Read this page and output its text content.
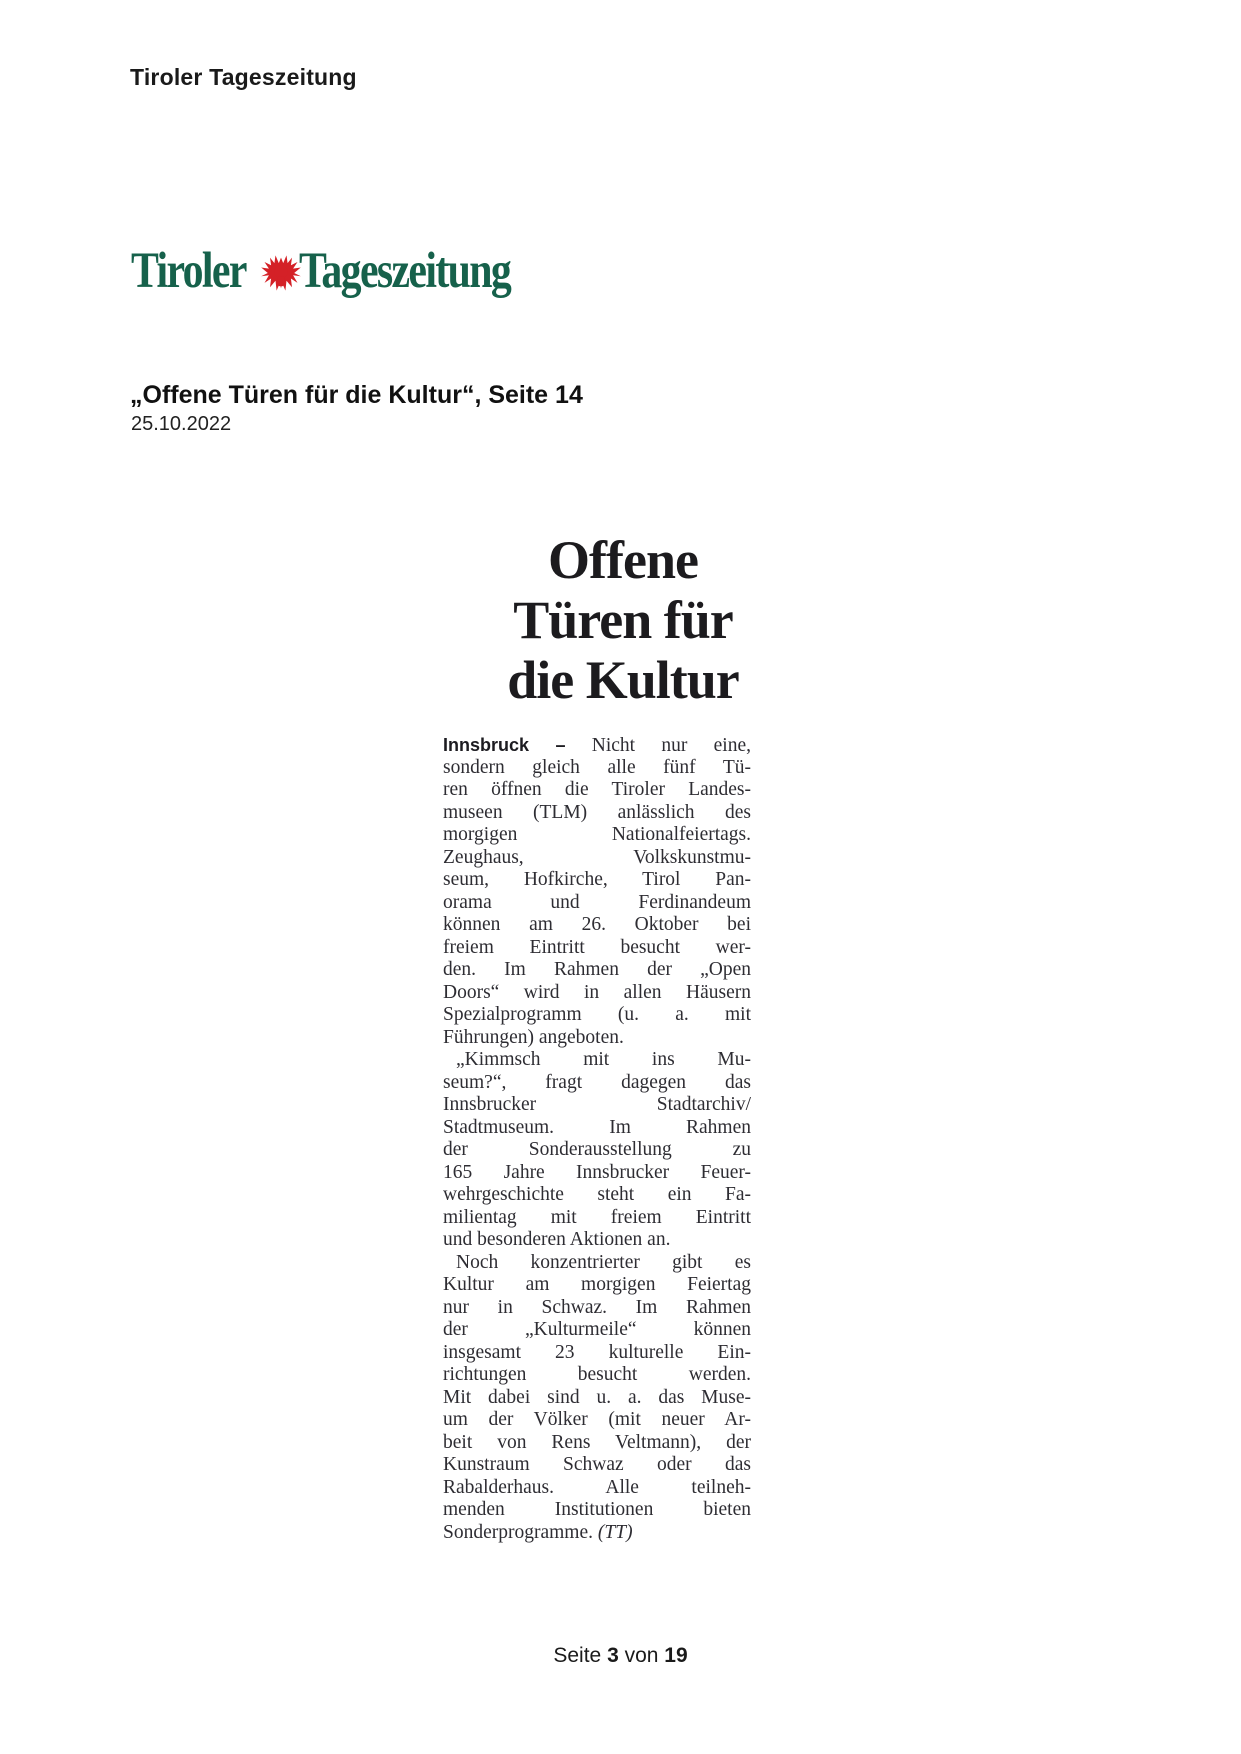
Tiroler Tageszeitung
Tiroler Tageszeitung
„Offene Türen für die Kultur“, Seite 14
25.10.2022
Offene
Türen für
die Kultur
Innsbruck – Nicht nur eine,
sondern gleich alle fünf Tü-
ren öffnen die Tiroler Landes-
museen (TLM) anlässlich des
morgigen Nationalfeiertags.
Zeughaus, Volkskunstmu-
seum, Hofkirche, Tirol Pan-
orama und Ferdinandeum
können am 26. Oktober bei
freiem Eintritt besucht wer-
den. Im Rahmen der „Open
Doors“ wird in allen Häusern
Spezialprogramm (u. a. mit
Führungen) angeboten.
„Kimmsch mit ins Mu-
seum?“, fragt dagegen das
Innsbrucker Stadtarchiv/
Stadtmuseum. Im Rahmen
der Sonderausstellung zu
165 Jahre Innsbrucker Feuer-
wehrgeschichte steht ein Fa-
milientag mit freiem Eintritt
und besonderen Aktionen an.
Noch konzentrierter gibt es
Kultur am morgigen Feiertag
nur in Schwaz. Im Rahmen
der „Kulturmeile“ können
insgesamt 23 kulturelle Ein-
richtungen besucht werden.
Mit dabei sind u. a. das Muse-
um der Völker (mit neuer Ar-
beit von Rens Veltmann), der
Kunstraum Schwaz oder das
Rabalderhaus. Alle teilneh-
menden Institutionen bieten
Sonderprogramme. (TT)
Seite 3 von 19
